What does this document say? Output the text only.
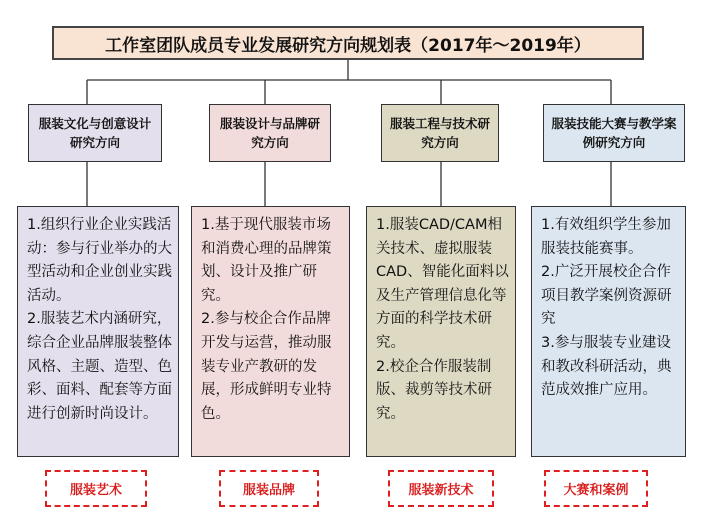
工作室团队成员专业发展研究方向规划表（2017年～2019年）
服装文化与创意设计研究方向

1.组织行业企业实践活动：参与行业举办的大型活动和企业创业实践活动。

2.服装艺术内涵研究，综合企业品牌服装整体风格、主题、造型、色彩、面料、配套等方面进行创新时尚设计。

服装艺术
服装设计与品牌研究方向

1.基于现代服装市场和消费心理的品牌策划、设计及推广研究。

2.参与校企合作品牌开发与运营，推动服装专业产教研的发展，形成鲜明专业特色。

服装品牌
服装工程与技术研究方向

1.服装CAD/CAM相关技术、虚拟服装CAD、智能化面料以及生产管理信息化等方面的科学技术研究。

2.校企合作服装制版、裁剪等技术研究。

服装新技术
服装技能大赛与教学案例研究方向

1.有效组织学生参加服装技能赛事。

2.广泛开展校企合作项目教学案例资源研究

3.参与服装专业建设和教改科研活动，典范成效推广应用。

大赛和案例
